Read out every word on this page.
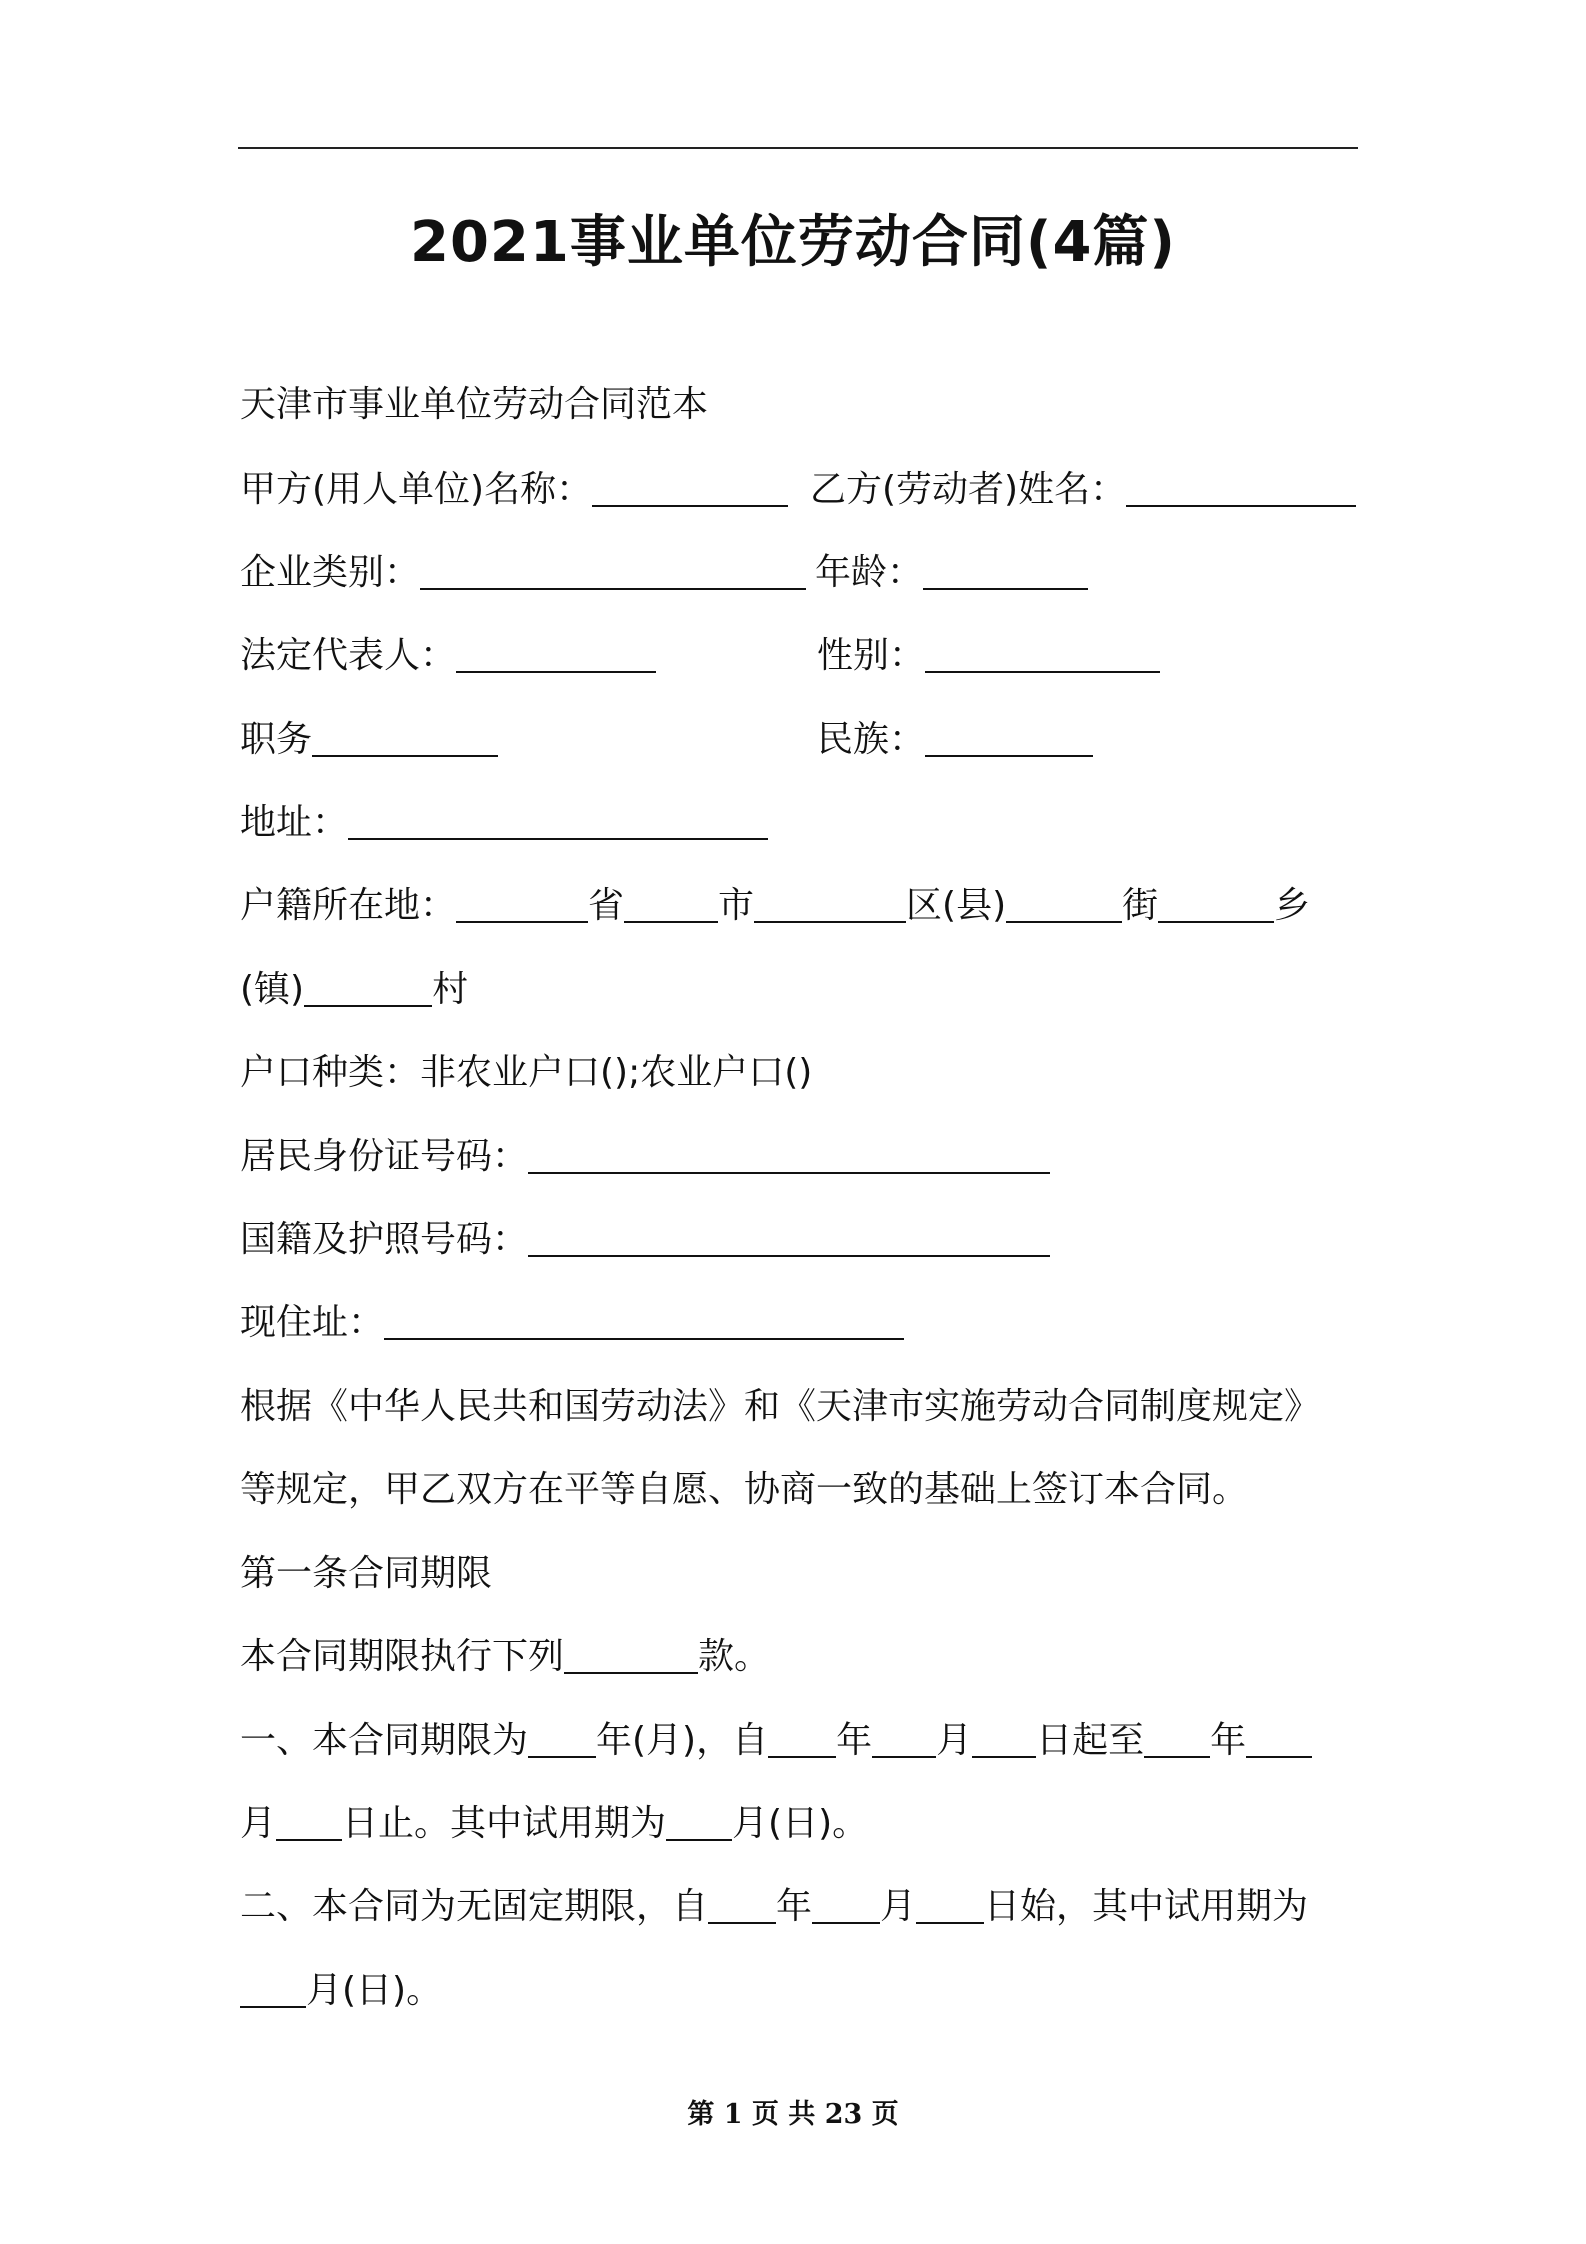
2021事业单位劳动合同(4篇)
天津市事业单位劳动合同范本
甲方(用人单位)名称：	乙方(劳动者)姓名：
企业类别：	年龄：
法定代表人：	性别：
职务	民族：
地址：
户籍所在地：	省	市	区(县)	街	乡
(镇)	村
户口种类：非农业户口();农业户口()
居民身份证号码：
国籍及护照号码：
现住址：
根据《中华人民共和国劳动法》和《天津市实施劳动合同制度规定》
等规定，甲乙双方在平等自愿、协商一致的基础上签订本合同。
第一条合同期限
本合同期限执行下列	款。
一、本合同期限为 年(月)，自 年 月 日起至 年
月 日止。其中试用期为 月(日)。
二、本合同为无固定期限，自 年 月 日始，其中试用期为
月(日)。
第 1 页 共 23 页
